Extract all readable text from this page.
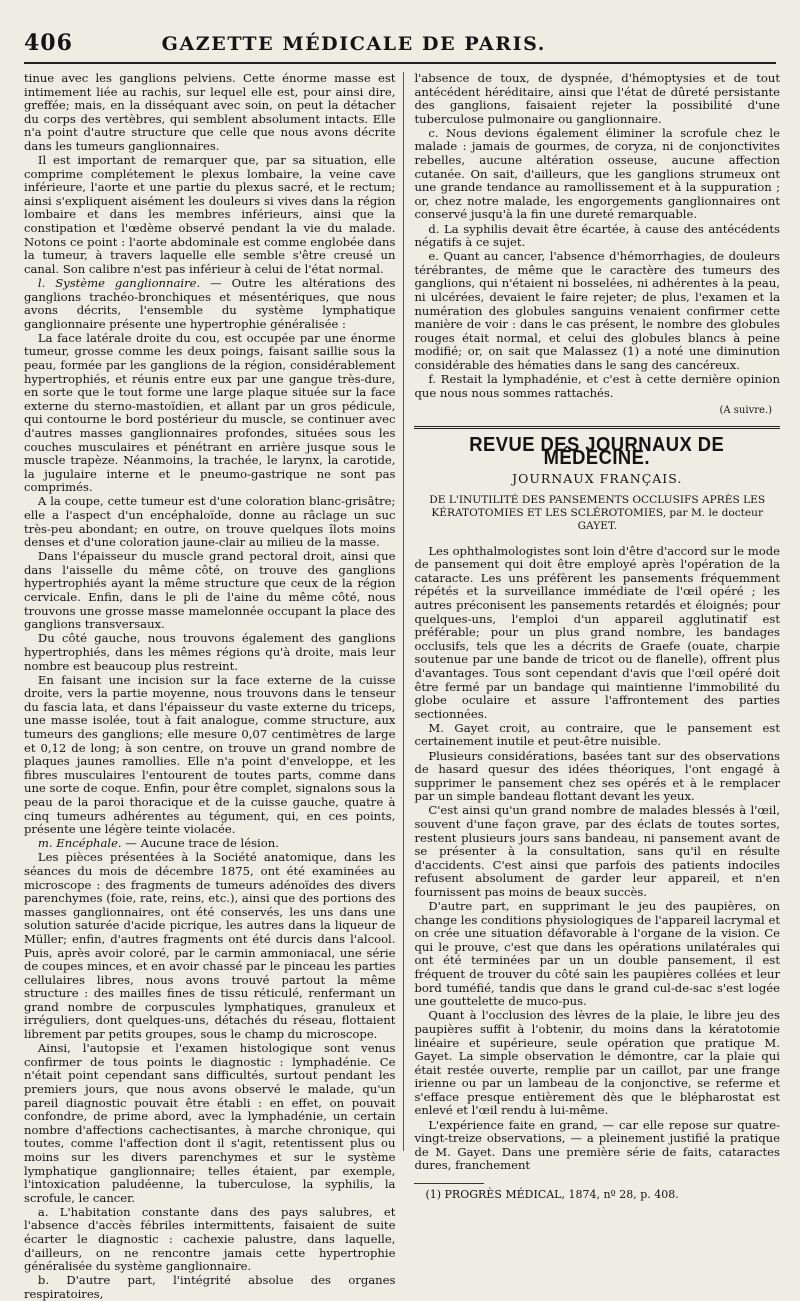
406	GAZETTE MÉDICALE DE PARIS.

tinue avec les ganglions pelviens. Cette énorme masse est intimement liée au rachis, sur lequel elle est, pour ainsi dire, greffée; mais, en la disséquant avec soin, on peut la détacher du corps des vertèbres, qui semblent absolument intacts. Elle n'a point d'autre structure que celle que nous avons décrite dans les tumeurs ganglionnaires.

Il est important de remarquer que, par sa situation, elle comprime complétement le plexus lombaire, la veine cave inférieure, l'aorte et une partie du plexus sacré, et le rectum; ainsi s'expliquent aisément les douleurs si vives dans la région lombaire et dans les membres inférieurs, ainsi que la constipation et l'œdème observé pendant la vie du malade. Notons ce point : l'aorte abdominale est comme englobée dans la tumeur, à travers laquelle elle semble s'être creusé un canal. Son calibre n'est pas inférieur à celui de l'état normal.

l. Système ganglionnaire. — Outre les altérations des ganglions trachéo-bronchiques et mésentériques, que nous avons décrits, l'ensemble du système lymphatique ganglionnaire présente une hypertrophie généralisée :

La face latérale droite du cou, est occupée par une énorme tumeur, grosse comme les deux poings, faisant saillie sous la peau, formée par les ganglions de la région, considérablement hypertrophiés, et réunis entre eux par une gangue très-dure, en sorte que le tout forme une large plaque située sur la face externe du sterno-mastoïdien, et allant par un gros pédicule, qui contourne le bord postérieur du muscle, se continuer avec d'autres masses ganglionnaires profondes, situées sous les couches musculaires et pénétrant en arrière jusque sous le muscle trapèze. Néanmoins, la trachée, le larynx, la carotide, la jugulaire interne et le pneumo-gastrique ne sont pas comprimés.

A la coupe, cette tumeur est d'une coloration blanc-grisâtre; elle a l'aspect d'un encéphaloïde, donne au râclage un suc très-peu abondant; en outre, on trouve quelques îlots moins denses et d'une coloration jaune-clair au milieu de la masse.

Dans l'épaisseur du muscle grand pectoral droit, ainsi que dans l'aisselle du même côté, on trouve des ganglions hypertrophiés ayant la même structure que ceux de la région cervicale. Enfin, dans le pli de l'aine du même côté, nous trouvons une grosse masse mamelonnée occupant la place des ganglions transversaux.

Du côté gauche, nous trouvons également des ganglions hypertrophiés, dans les mêmes régions qu'à droite, mais leur nombre est beaucoup plus restreint.

En faisant une incision sur la face externe de la cuisse droite, vers la partie moyenne, nous trouvons dans le tenseur du fascia lata, et dans l'épaisseur du vaste externe du triceps, une masse isolée, tout à fait analogue, comme structure, aux tumeurs des ganglions; elle mesure 0,07 centimètres de large et 0,12 de long; à son centre, on trouve un grand nombre de plaques jaunes ramollies. Elle n'a point d'enveloppe, et les fibres musculaires l'entourent de toutes parts, comme dans une sorte de coque. Enfin, pour être complet, signalons sous la peau de la paroi thoracique et de la cuisse gauche, quatre à cinq tumeurs adhérentes au tégument, qui, en ces points, présente une légère teinte violacée.

m. Encéphale. — Aucune trace de lésion.

Les pièces présentées à la Société anatomique, dans les séances du mois de décembre 1875, ont été examinées au microscope : des fragments de tumeurs adénoïdes des divers parenchymes (foie, rate, reins, etc.), ainsi que des portions des masses ganglionnaires, ont été conservés, les uns dans une solution saturée d'acide picrique, les autres dans la liqueur de Müller; enfin, d'autres fragments ont été durcis dans l'alcool. Puis, après avoir coloré, par le carmin ammoniacal, une série de coupes minces, et en avoir chassé par le pinceau les parties cellulaires libres, nous avons trouvé partout la même structure : des mailles fines de tissu réticulé, renfermant un grand nombre de corpuscules lymphatiques, granuleux et irréguliers, dont quelques-uns, détachés du réseau, flottaient librement par petits groupes, sous le champ du microscope.

Ainsi, l'autopsie et l'examen histologique sont venus confirmer de tous points le diagnostic : lymphadénie. Ce n'était point cependant sans difficultés, surtout pendant les premiers jours, que nous avons observé le malade, qu'un pareil diagnostic pouvait être établi : en effet, on pouvait confondre, de prime abord, avec la lymphadénie, un certain nombre d'affections cachectisantes, à marche chronique, qui toutes, comme l'affection dont il s'agit, retentissent plus ou moins sur les divers parenchymes et sur le système lymphatique ganglionnaire; telles étaient, par exemple, l'intoxication paludéenne, la tuberculose, la syphilis, la scrofule, le cancer.

a. L'habitation constante dans des pays salubres, et l'absence d'accès fébriles intermittents, faisaient de suite écarter le diagnostic : cachexie palustre, dans laquelle, d'ailleurs, on ne rencontre jamais cette hypertrophie généralisée du système ganglionnaire.

b. D'autre part, l'intégrité absolue des organes respiratoires,

l'absence de toux, de dyspnée, d'hémoptysies et de tout antécédent héréditaire, ainsi que l'état de dûreté persistante des ganglions, faisaient rejeter la possibilité d'une tuberculose pulmonaire ou ganglionnaire.

c. Nous devions également éliminer la scrofule chez le malade : jamais de gourmes, de coryza, ni de conjonctivites rebelles, aucune altération osseuse, aucune affection cutanée. On sait, d'ailleurs, que les ganglions strumeux ont une grande tendance au ramollissement et à la suppuration ; or, chez notre malade, les engorgements ganglionnaires ont conservé jusqu'à la fin une dureté remarquable.

d. La syphilis devait être écartée, à cause des antécédents négatifs à ce sujet.

e. Quant au cancer, l'absence d'hémorrhagies, de douleurs térébrantes, de même que le caractère des tumeurs des ganglions, qui n'étaient ni bosselées, ni adhérentes à la peau, ni ulcérées, devaient le faire rejeter; de plus, l'examen et la numération des globules sanguins venaient confirmer cette manière de voir : dans le cas présent, le nombre des globules rouges était normal, et celui des globules blancs à peine modifié; or, on sait que Malassez (1) a noté une diminution considérable des hématies dans le sang des cancéreux.

f. Restait la lymphadénie, et c'est à cette dernière opinion que nous nous sommes rattachés.

(A suivre.)
REVUE DES JOURNAUX DE MÉDECINE.
JOURNAUX FRANÇAIS.
DE L'INUTILITÉ DES PANSEMENTS OCCLUSIFS APRÈS LES KÉRATOTOMIES ET LES SCLÉROTOMIES, par M. le docteur GAYET.

Les ophthalmologistes sont loin d'être d'accord sur le mode de pansement qui doit être employé après l'opération de la cataracte. Les uns préfèrent les pansements fréquemment répétés et la surveillance immédiate de l'œil opéré ; les autres préconisent les pansements retardés et éloignés; pour quelques-uns, l'emploi d'un appareil agglutinatif est préférable; pour un plus grand nombre, les bandages occlusifs, tels que les a décrits de Graefe (ouate, charpie soutenue par une bande de tricot ou de flanelle), offrent plus d'avantages. Tous sont cependant d'avis que l'œil opéré doit être fermé par un bandage qui maintienne l'immobilité du globe oculaire et assure l'affrontement des parties sectionnées.

M. Gayet croit, au contraire, que le pansement est certainement inutile et peut-être nuisible.

Plusieurs considérations, basées tant sur des observations de hasard quesur des idées théoriques, l'ont engagé à supprimer le pansement chez ses opérés et à le remplacer par un simple bandeau flottant devant les yeux.

C'est ainsi qu'un grand nombre de malades blessés à l'œil, souvent d'une façon grave, par des éclats de toutes sortes, restent plusieurs jours sans bandeau, ni pansement avant de se présenter à la consultation, sans qu'il en résulte d'accidents. C'est ainsi que parfois des patients indociles refusent absolument de garder leur appareil, et n'en fournissent pas moins de beaux succès.

D'autre part, en supprimant le jeu des paupières, on change les conditions physiologiques de l'appareil lacrymal et on crée une situation défavorable à l'organe de la vision. Ce qui le prouve, c'est que dans les opérations unilatérales qui ont été terminées par un un double pansement, il est fréquent de trouver du côté sain les paupières collées et leur bord tuméfié, tandis que dans le grand cul-de-sac s'est logée une gouttelette de muco-pus.

Quant à l'occlusion des lèvres de la plaie, le libre jeu des paupières suffit à l'obtenir, du moins dans la kératotomie linéaire et supérieure, seule opération que pratique M. Gayet. La simple observation le démontre, car la plaie qui était restée ouverte, remplie par un caillot, par une frange irienne ou par un lambeau de la conjonctive, se referme et s'efface presque entièrement dès que le blépharostat est enlevé et l'œil rendu à lui-même.

L'expérience faite en grand, — car elle repose sur quatre-vingt-treize observations, — a pleinement justifié la pratique de M. Gayet. Dans une première série de faits, cataractes dures, franchement

(1) PROGRÈS MÉDICAL, 1874, nº 28, p. 408.
